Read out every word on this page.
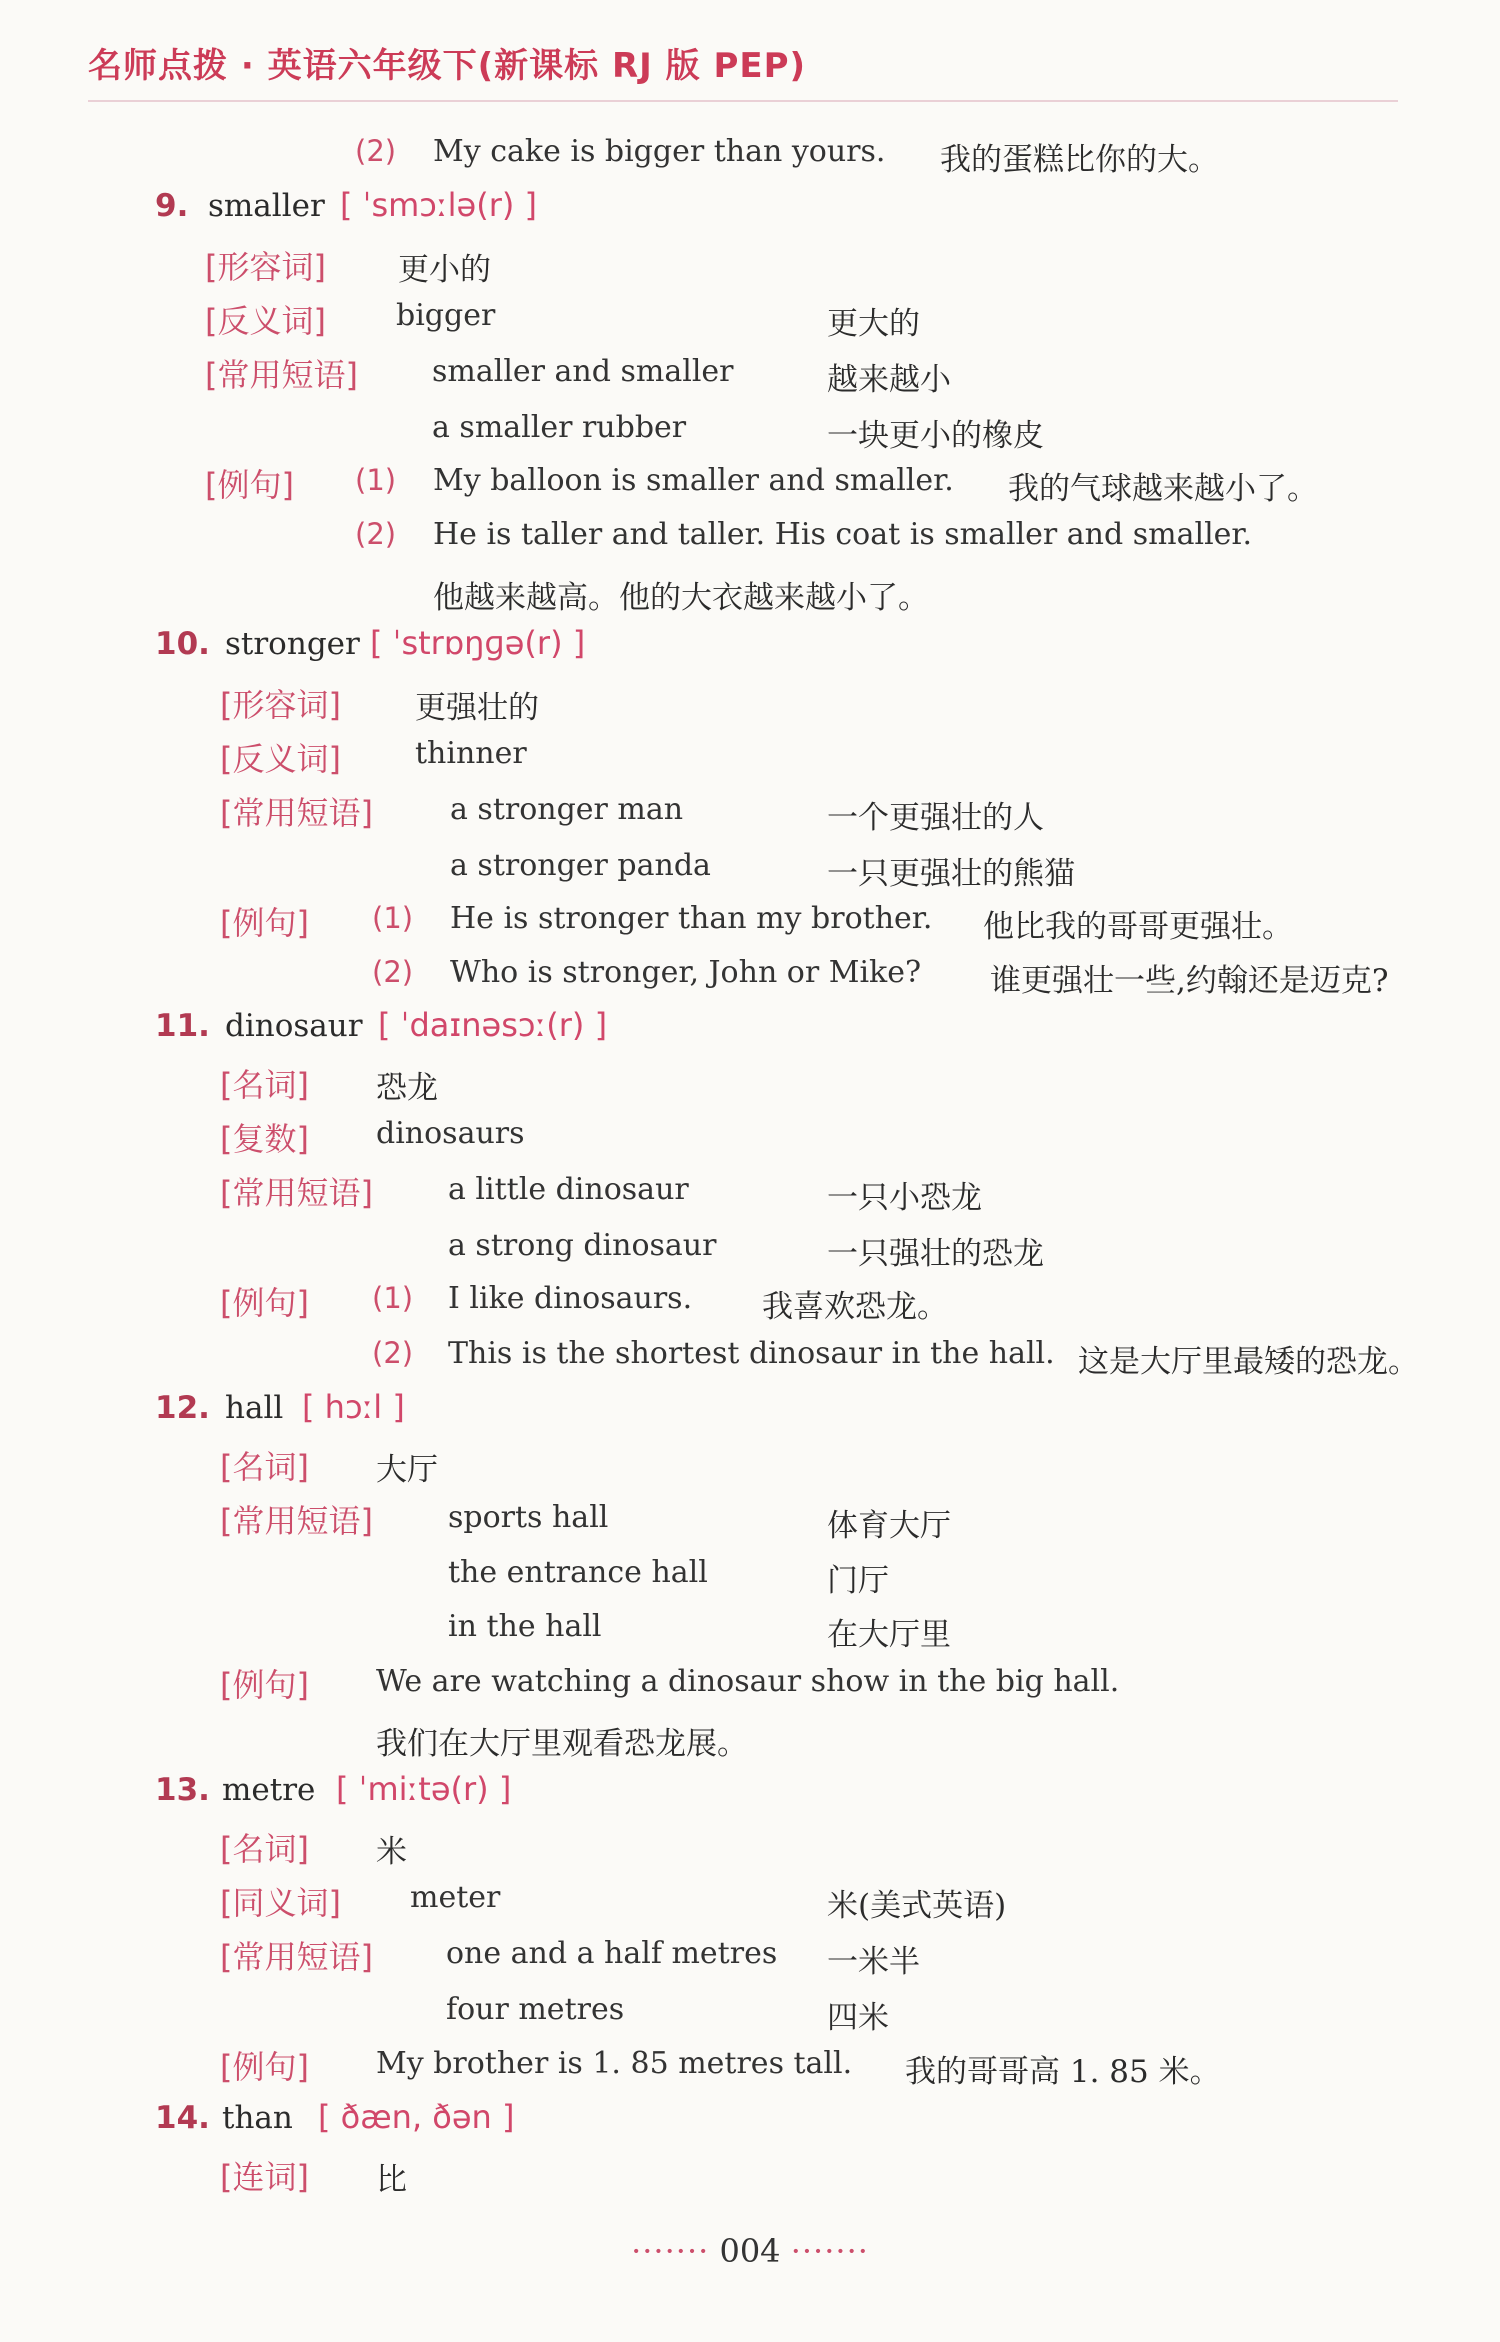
名师点拨 · 英语六年级下(新课标 RJ 版 PEP)
(2) My cake is bigger than yours. 我的蛋糕比你的大。
9. smaller [ ˈsmɔːlə(r) ]
[形容词] 更小的
[反义词] bigger	更大的
[常用短语] smaller and smaller	越来越小
a smaller rubber	一块更小的橡皮
[例句] (1) My balloon is smaller and smaller. 我的气球越来越小了。
(2) He is taller and taller. His coat is smaller and smaller.
他越来越高。他的大衣越来越小了。
10. stronger [ ˈstrɒŋɡə(r) ]
[形容词] 更强壮的
[反义词] thinner
[常用短语]	a stronger man	一个更强壮的人
a stronger panda	一只更强壮的熊猫
[例句] (1) He is stronger than my brother. 他比我的哥哥更强壮。
(2) Who is stronger, John or Mike? 谁更强壮一些,约翰还是迈克?
11. dinosaur [ ˈdaɪnəsɔː(r) ]
[名词] 恐龙
[复数] dinosaurs
[常用短语]	a little dinosaur	一只小恐龙
a strong dinosaur	一只强壮的恐龙
[例句] (1) I like dinosaurs. 我喜欢恐龙。
(2) This is the shortest dinosaur in the hall. 这是大厅里最矮的恐龙。
12. hall [ hɔːl ]
[名词] 大厅
[常用短语]	sports hall	体育大厅
the entrance hall	门厅
in the hall	在大厅里
[例句] We are watching a dinosaur show in the big hall.
我们在大厅里观看恐龙展。
13. metre [ ˈmiːtə(r) ]
[名词] 米
[同义词] meter	米(美式英语)
[常用短语] one and a half metres 一米半
four metres	四米
[例句] My brother is 1. 85 metres tall. 我的哥哥高 1. 85 米。
14. than [ ðæn, ðən ]
[连词] 比
······· 004 ·······
